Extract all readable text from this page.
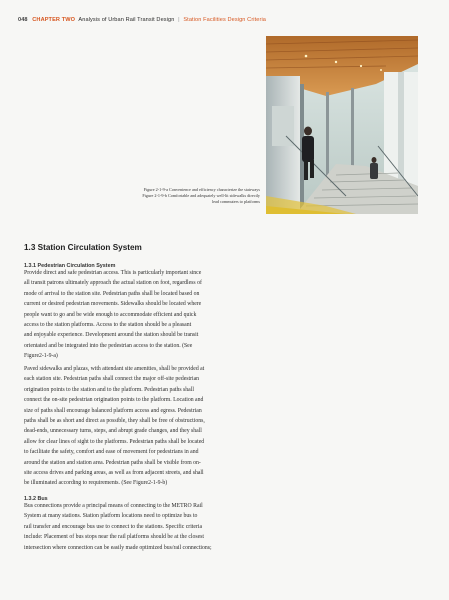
048 CHAPTER TWO Analysis of Urban Rail Transit Design | Station Facilities Design Criteria
Figure 2-1-9-a Convenience and efficiency characterize the stairways
Figure 2-1-9-b Comfortable and adequately well-lit sidewalks directly
lead commuters to platforms
1.3 Station Circulation System
1.3.1 Pedestrian Circulation System
Provide direct and safe pedestrian access. This is particularly important since
all transit patrons ultimately approach the actual station on foot, regardless of
mode of arrival to the station site. Pedestrian paths shall be located based on
current or desired pedestrian movements. Sidewalks should be located where
people want to go and be wide enough to accommodate efficient and quick
access to the station platforms. Access to the station should be a pleasant
and enjoyable experience. Development around the station should be transit
orientated and be integrated into the pedestrian access to the station. (See
Figure2-1-9-a)
Paved sidewalks and plazas, with attendant site amenities, shall be provided at
each station site. Pedestrian paths shall connect the major off-site pedestrian
origination points to the station and to the platform. Pedestrian paths shall
connect the on-site pedestrian origination points to the platform. Location and
size of paths shall encourage balanced platform access and egress. Pedestrian
paths shall be as short and direct as possible, they shall be free of obstructions,
dead-ends, unnecessary turns, steps, and abrupt grade changes, and they shall
allow for clear lines of sight to the platforms. Pedestrian paths shall be located
to facilitate the safety, comfort and ease of movement for pedestrians in and
around the station and station area. Pedestrian paths shall be visible from on-
site access drives and parking areas, as well as from adjacent streets, and shall
be illuminated according to requirements. (See Figure2-1-9-b)
1.3.2 Bus
Bus connections provide a principal means of connecting to the METRO Rail
System at many stations. Station platform locations need to optimize bus to
rail transfer and encourage bus use to connect to the stations. Specific criteria
include: Placement of bus stops near the rail platforms should be at the closest
intersection where connection can be easily made optimized bus/rail connections;
